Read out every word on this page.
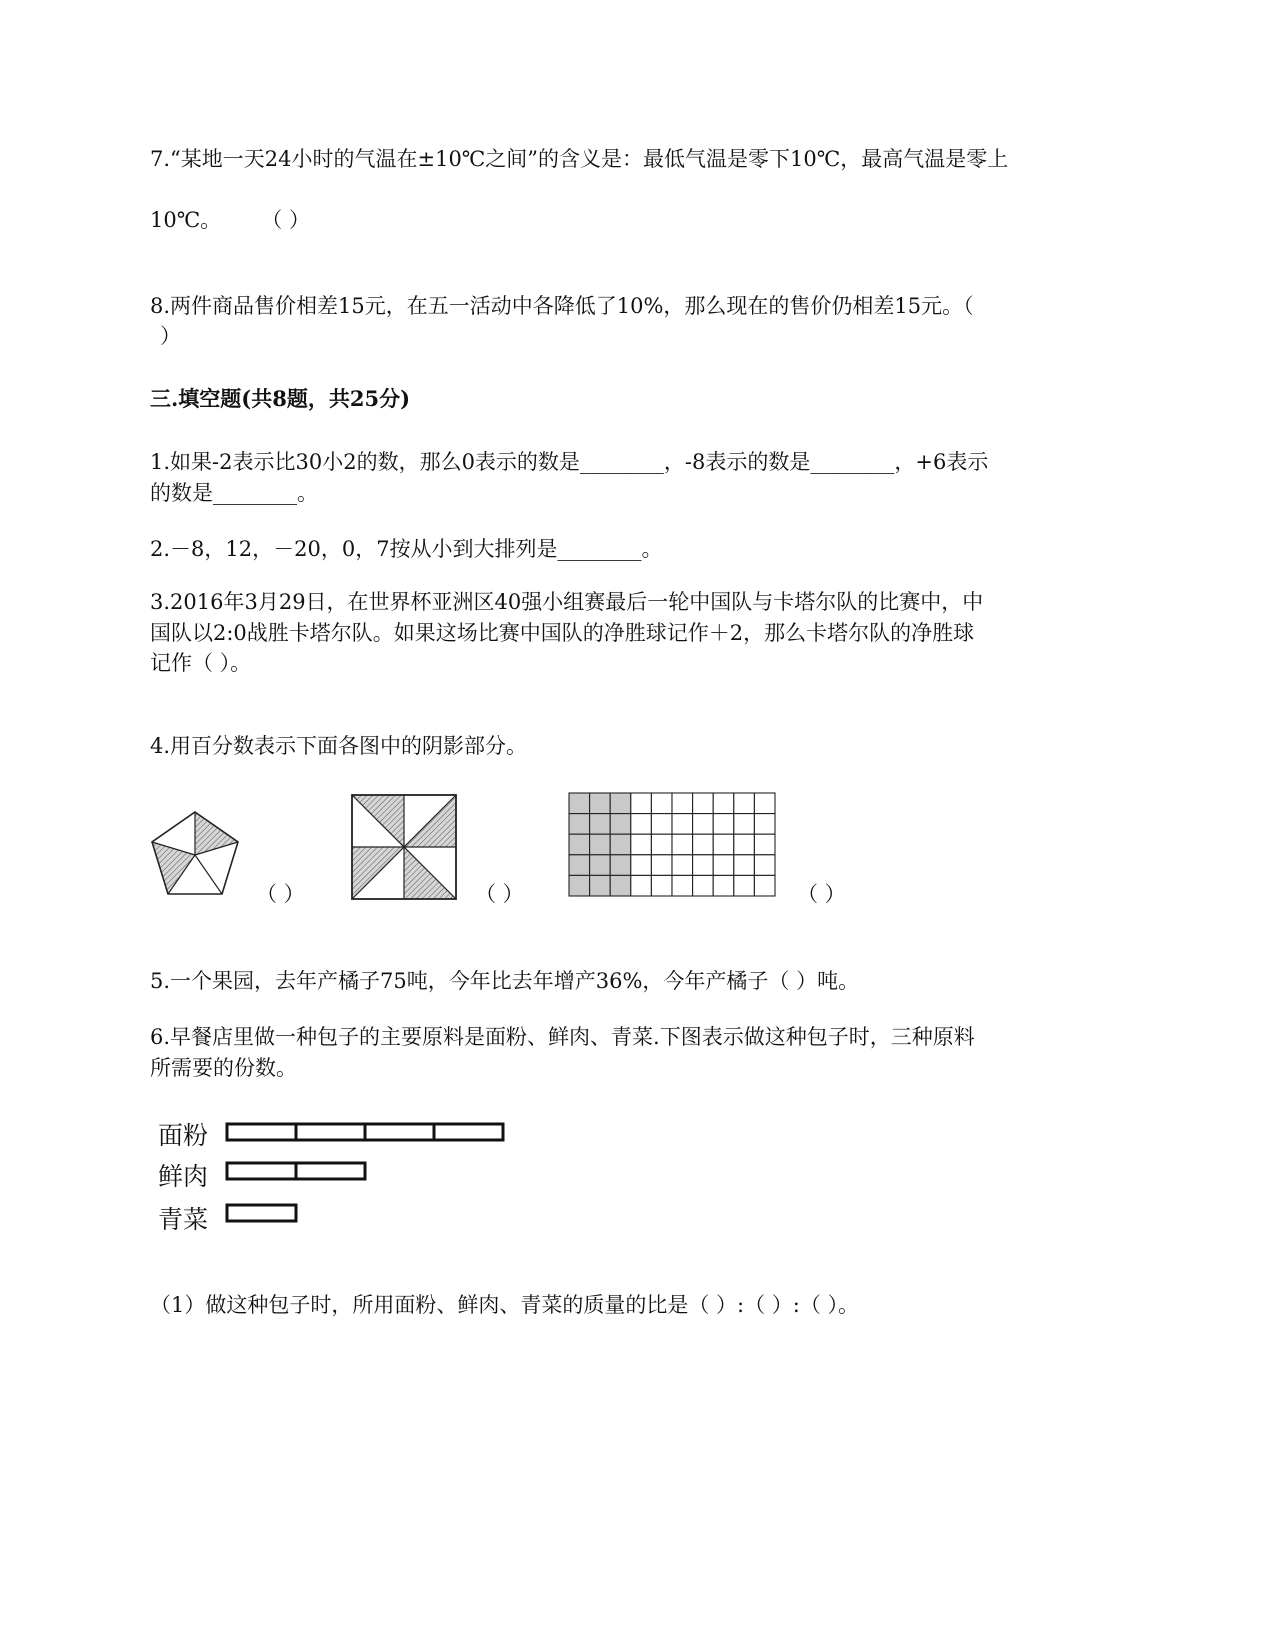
7.“某地一天24小时的气温在±10℃之间”的含义是：最低气温是零下10℃，最高气温是零上
10℃。      （ ）
8.两件商品售价相差15元，在五一活动中各降低了10%，那么现在的售价仍相差15元。（
）
三.填空题(共8题，共25分)
1.如果-2表示比30小2的数，那么0表示的数是________，-8表示的数是________，+6表示
的数是________。
2.－8，12，－20，0，7按从小到大排列是________。
3.2016年3月29日，在世界杯亚洲区40强小组赛最后一轮中国队与卡塔尔队的比赛中，中
国队以2:0战胜卡塔尔队。如果这场比赛中国队的净胜球记作＋2，那么卡塔尔队的净胜球
记作（ ）。
4.用百分数表示下面各图中的阴影部分。
（ ）	（ ）	（ ）
5.一个果园，去年产橘子75吨，今年比去年增产36%，今年产橘子（ ）吨。
6.早餐店里做一种包子的主要原料是面粉、鲜肉、青菜.下图表示做这种包子时，三种原料
所需要的份数。
面粉
鲜肉
青菜
（1）做这种包子时，所用面粉、鲜肉、青菜的质量的比是（ ）:（ ）:（ ）。
